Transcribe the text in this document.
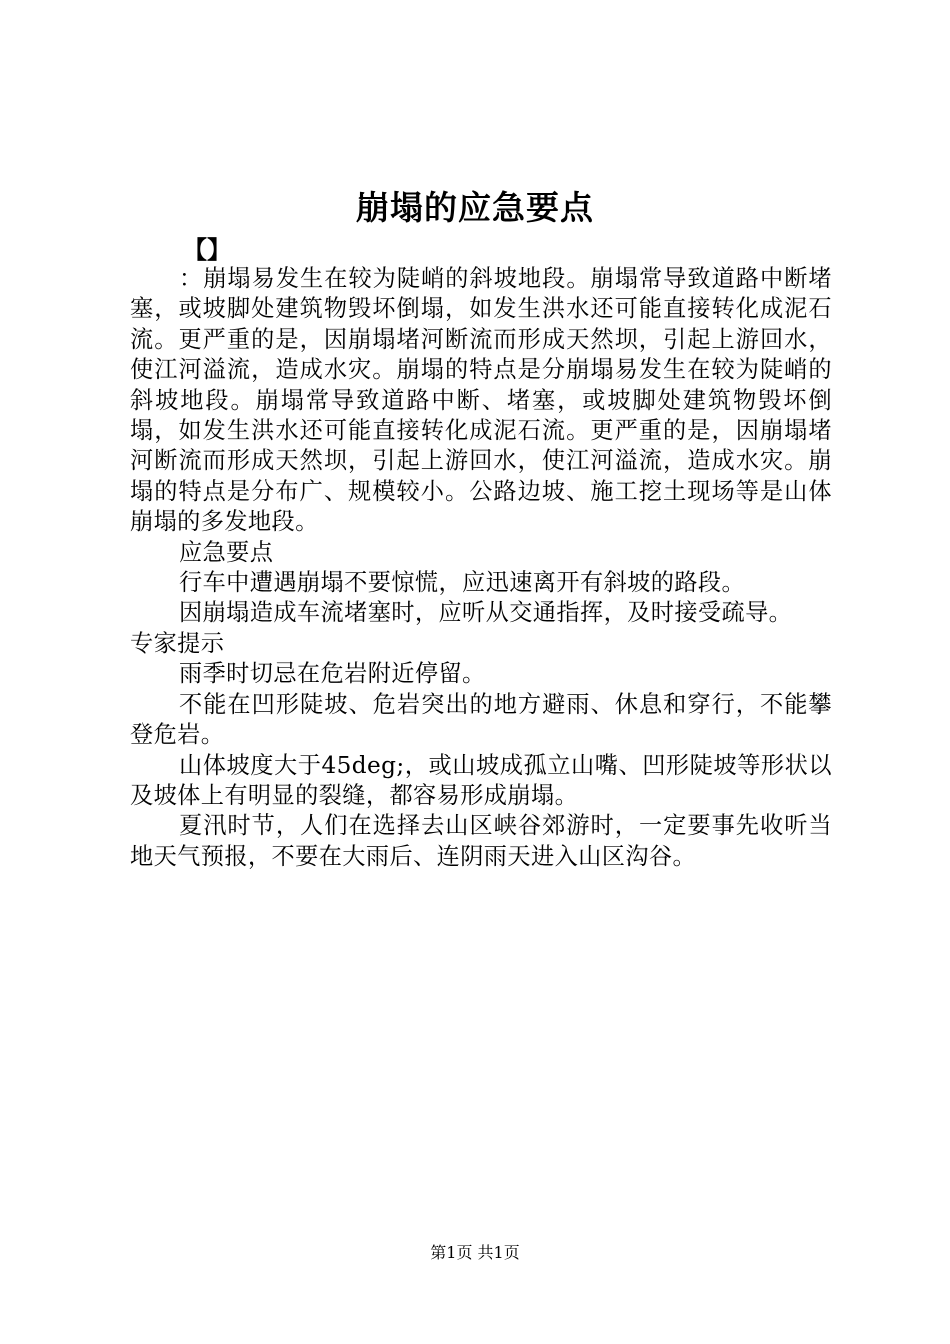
崩塌的应急要点
【】

：崩塌易发生在较为陡峭的斜坡地段。崩塌常导致道路中断堵塞，或坡脚处建筑物毁坏倒塌，如发生洪水还可能直接转化成泥石流。更严重的是，因崩塌堵河断流而形成天然坝，引起上游回水，使江河溢流，造成水灾。崩塌的特点是分崩塌易发生在较为陡峭的斜坡地段。崩塌常导致道路中断、堵塞，或坡脚处建筑物毁坏倒塌，如发生洪水还可能直接转化成泥石流。更严重的是，因崩塌堵河断流而形成天然坝，引起上游回水，使江河溢流，造成水灾。崩塌的特点是分布广、规模较小。公路边坡、施工挖土现场等是山体崩塌的多发地段。

应急要点

行车中遭遇崩塌不要惊慌，应迅速离开有斜坡的路段。

因崩塌造成车流堵塞时，应听从交通指挥，及时接受疏导。

专家提示

雨季时切忌在危岩附近停留。

不能在凹形陡坡、危岩突出的地方避雨、休息和穿行，不能攀登危岩。

山体坡度大于45deg;，或山坡成孤立山嘴、凹形陡坡等形状以及坡体上有明显的裂缝，都容易形成崩塌。

夏汛时节，人们在选择去山区峡谷郊游时，一定要事先收听当地天气预报，不要在大雨后、连阴雨天进入山区沟谷。

第1页 共1页
